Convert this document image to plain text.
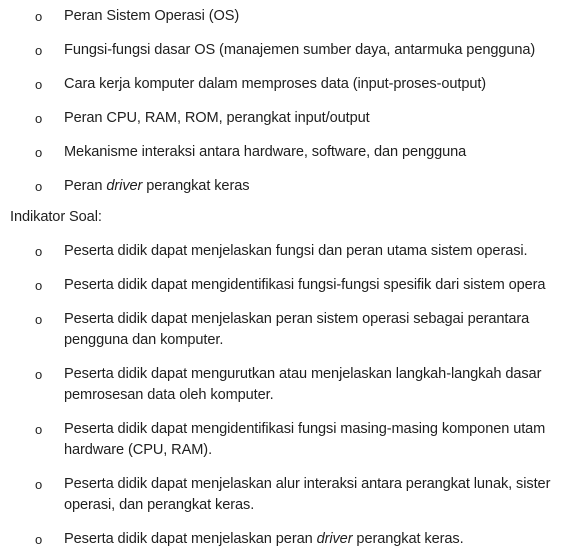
o Peran Sistem Operasi (OS)
o Fungsi-fungsi dasar OS (manajemen sumber daya, antarmuka pengguna)
o Cara kerja komputer dalam memproses data (input-proses-output)
o Peran CPU, RAM, ROM, perangkat input/output
o Mekanisme interaksi antara hardware, software, dan pengguna
o Peran driver perangkat keras
Indikator Soal:
o Peserta didik dapat menjelaskan fungsi dan peran utama sistem operasi.
o Peserta didik dapat mengidentifikasi fungsi-fungsi spesifik dari sistem opera
o Peserta didik dapat menjelaskan peran sistem operasi sebagai perantara pengguna dan komputer.
o Peserta didik dapat mengurutkan atau menjelaskan langkah-langkah dasar pemrosesan data oleh komputer.
o Peserta didik dapat mengidentifikasi fungsi masing-masing komponen utam hardware (CPU, RAM).
o Peserta didik dapat menjelaskan alur interaksi antara perangkat lunak, sister operasi, dan perangkat keras.
o Peserta didik dapat menjelaskan peran driver perangkat keras.
